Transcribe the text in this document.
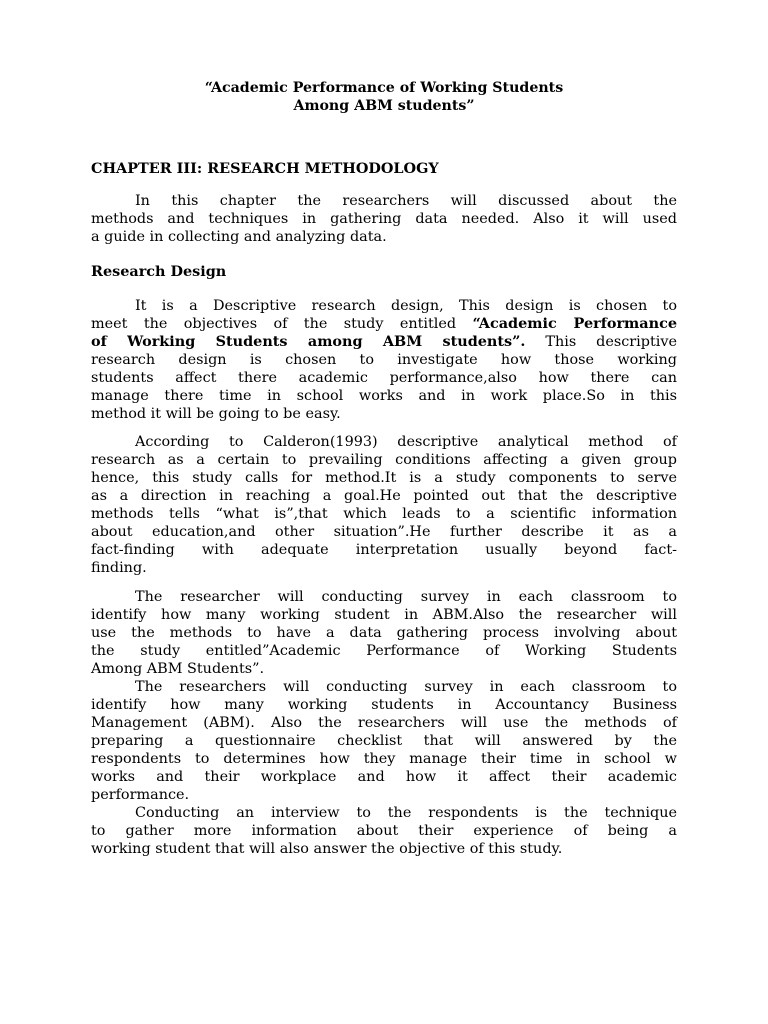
“Academic Performance of Working Students
Among ABM students”
CHAPTER III: RESEARCH METHODOLOGY
In this chapter the researchers will discussed about the
methods and techniques in gathering data needed. Also it will used
a guide in collecting and analyzing data.
Research Design
It is a Descriptive research design, This design is chosen to
meet the objectives of the study entitled “Academic Performance
of Working Students among ABM students”. This descriptive
research design is chosen to investigate how those working
students affect there academic performance,also how there can
manage there time in school works and in work place.So in this
method it will be going to be easy.
According to Calderon(1993) descriptive analytical method of
research as a certain to prevailing conditions affecting a given group
hence, this study calls for method.It is a study components to serve
as a direction in reaching a goal.He pointed out that the descriptive
methods tells “what is”,that which leads to a scientific information
about education,and other situation”.He further describe it as a
fact-finding with adequate interpretation usually beyond fact-
finding.
The researcher will conducting survey in each classroom to
identify how many working student in ABM.Also the researcher will
use the methods to have a data gathering process involving about
the study entitled”Academic Performance of Working Students
Among ABM Students”.
The researchers will conducting survey in each classroom to
identify how many working students in Accountancy Business
Management (ABM). Also the researchers will use the methods of
preparing a questionnaire checklist that will answered by the
respondents to determines how they manage their time in school w
works and their workplace and how it affect their academic
performance.
Conducting an interview to the respondents is the technique
to gather more information about their experience of being a
working student that will also answer the objective of this study.
